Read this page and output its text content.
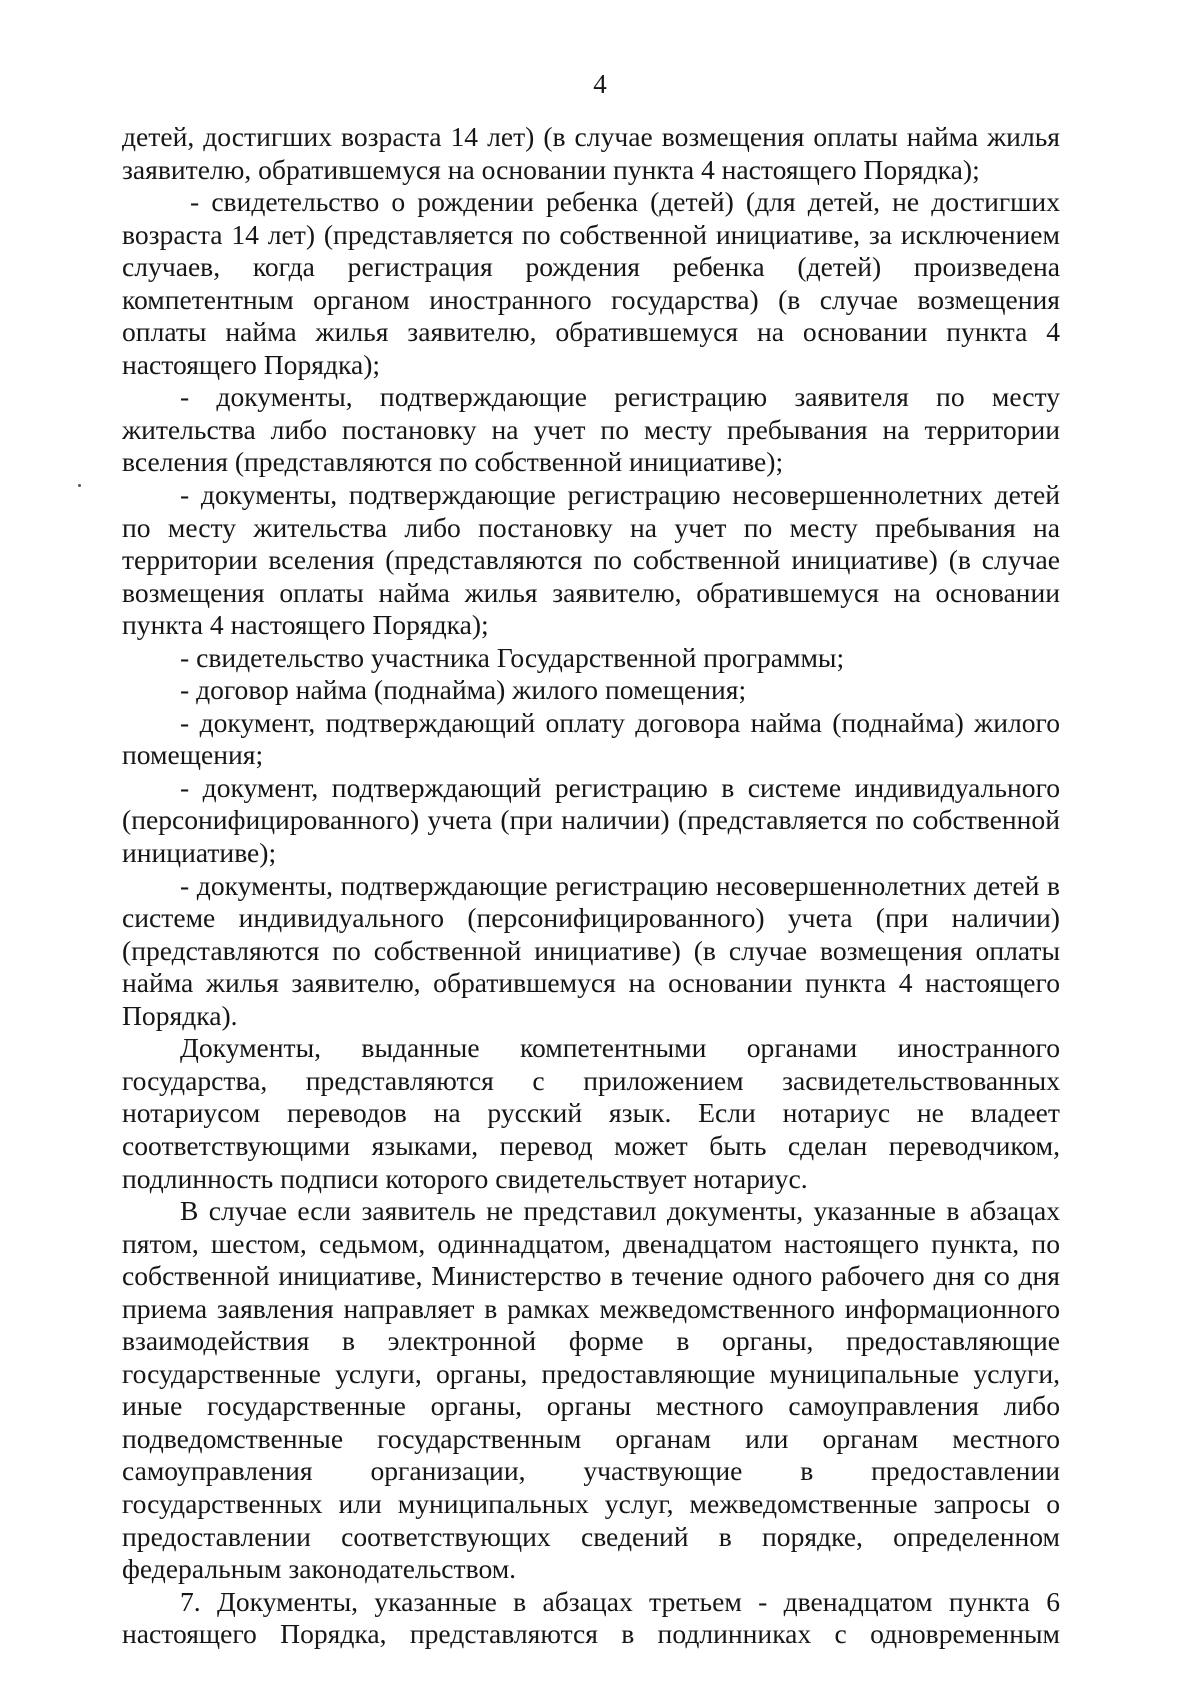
4

детей, достигших возраста 14 лет) (в случае возмещения оплаты найма жилья заявителю, обратившемуся на основании пункта 4 настоящего Порядка);

- свидетельство о рождении ребенка (детей) (для детей, не достигших возраста 14 лет) (представляется по собственной инициативе, за исключением случаев, когда регистрация рождения ребенка (детей) произведена компетентным органом иностранного государства) (в случае возмещения оплаты найма жилья заявителю, обратившемуся на основании пункта 4 настоящего Порядка);

- документы, подтверждающие регистрацию заявителя по месту жительства либо постановку на учет по месту пребывания на территории вселения (представляются по собственной инициативе);

- документы, подтверждающие регистрацию несовершеннолетних детей по месту жительства либо постановку на учет по месту пребывания на территории вселения (представляются по собственной инициативе) (в случае возмещения оплаты найма жилья заявителю, обратившемуся на основании пункта 4 настоящего Порядка);

- свидетельство участника Государственной программы;

- договор найма (поднайма) жилого помещения;

- документ, подтверждающий оплату договора найма (поднайма) жилого помещения;

- документ, подтверждающий регистрацию в системе индивидуального (персонифицированного) учета (при наличии) (представляется по собственной инициативе);

- документы, подтверждающие регистрацию несовершеннолетних детей в системе индивидуального (персонифицированного) учета (при наличии) (представляются по собственной инициативе) (в случае возмещения оплаты найма жилья заявителю, обратившемуся на основании пункта 4 настоящего Порядка).

Документы, выданные компетентными органами иностранного государства, представляются с приложением засвидетельствованных нотариусом переводов на русский язык. Если нотариус не владеет соответствующими языками, перевод может быть сделан переводчиком, подлинность подписи которого свидетельствует нотариус.

В случае если заявитель не представил документы, указанные в абзацах пятом, шестом, седьмом, одиннадцатом, двенадцатом настоящего пункта, по собственной инициативе, Министерство в течение одного рабочего дня со дня приема заявления направляет в рамках межведомственного информационного взаимодействия в электронной форме в органы, предоставляющие государственные услуги, органы, предоставляющие муниципальные услуги, иные государственные органы, органы местного самоуправления либо подведомственные государственным органам или органам местного самоуправления организации, участвующие в предоставлении государственных или муниципальных услуг, межведомственные запросы о предоставлении соответствующих сведений в порядке, определенном федеральным законодательством.

7. Документы, указанные в абзацах третьем - двенадцатом пункта 6 настоящего Порядка, представляются в подлинниках с одновременным
